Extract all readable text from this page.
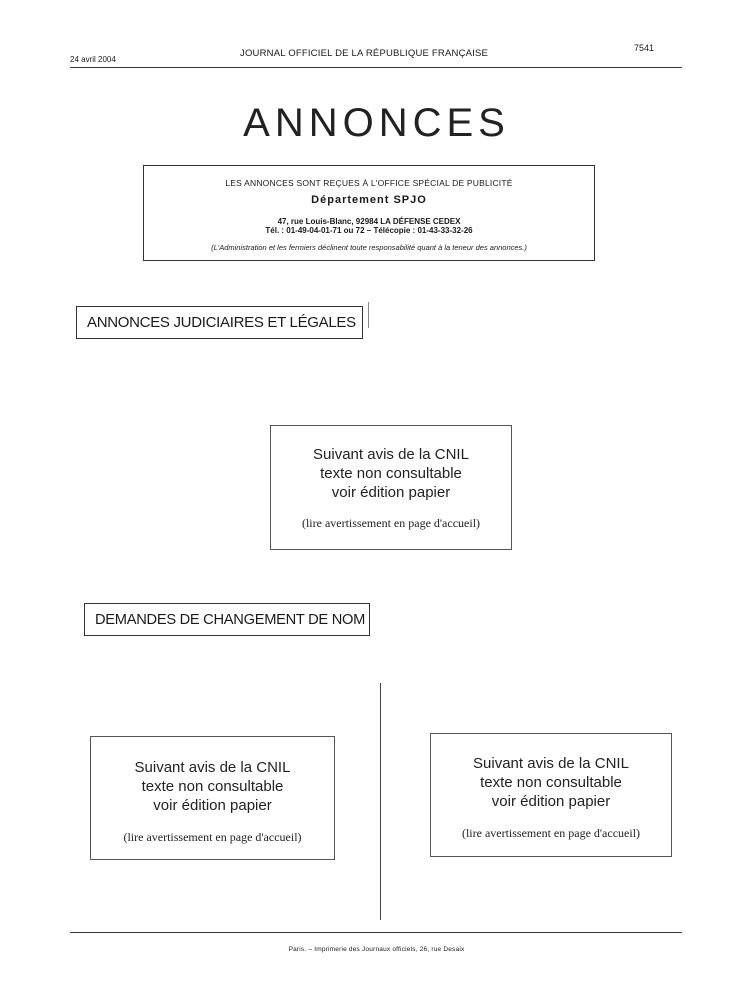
24 avril 2004
JOURNAL OFFICIEL DE LA RÉPUBLIQUE FRANÇAISE	7541
ANNONCES
LES ANNONCES SONT REÇUES À L'OFFICE SPÉCIAL DE PUBLICITÉ
Département SPJO
47, rue Louis-Blanc, 92984 LA DÉFENSE CEDEX
Tél. : 01-49-04-01-71 ou 72 – Télécopie : 01-43-33-32-26
(L'Administration et les fermiers déclinent toute responsabilité quant à la teneur des annonces.)
ANNONCES JUDICIAIRES ET LÉGALES
Suivant avis de la CNIL
texte non consultable
voir édition papier
(lire avertissement en page d'accueil)
DEMANDES DE CHANGEMENT DE NOM
Suivant avis de la CNIL
texte non consultable
voir édition papier
(lire avertissement en page d'accueil)
Suivant avis de la CNIL
texte non consultable
voir édition papier
(lire avertissement en page d'accueil)
Paris. – Imprimerie des Journaux officiels, 26, rue Desaix
